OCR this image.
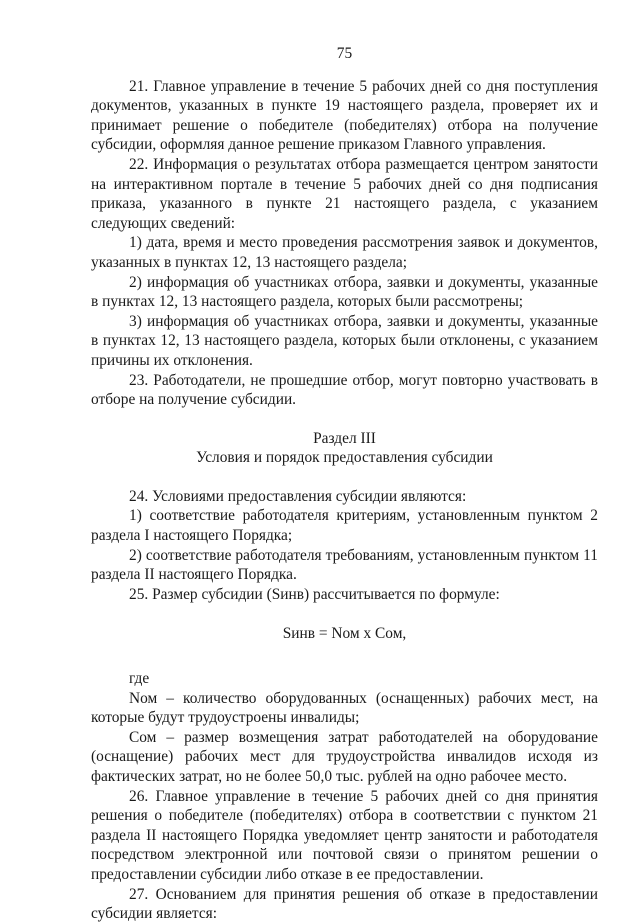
75

21. Главное управление в течение 5 рабочих дней со дня поступления документов, указанных в пункте 19 настоящего раздела, проверяет их и принимает решение о победителе (победителях) отбора на получение субсидии, оформляя данное решение приказом Главного управления.

22. Информация о результатах отбора размещается центром занятости на интерактивном портале в течение 5 рабочих дней со дня подписания приказа, указанного в пункте 21 настоящего раздела, с указанием следующих сведений:

1) дата, время и место проведения рассмотрения заявок и документов, указанных в пунктах 12, 13 настоящего раздела;

2) информация об участниках отбора, заявки и документы, указанные в пунктах 12, 13 настоящего раздела, которых были рассмотрены;

3) информация об участниках отбора, заявки и документы, указанные в пунктах 12, 13 настоящего раздела, которых были отклонены, с указанием причины их отклонения.

23. Работодатели, не прошедшие отбор, могут повторно участвовать в отборе на получение субсидии.

Раздел III

Условия и порядок предоставления субсидии

24. Условиями предоставления субсидии являются:

1) соответствие работодателя критериям, установленным пунктом 2 раздела I настоящего Порядка;

2) соответствие работодателя требованиям, установленным пунктом 11 раздела II настоящего Порядка.

25. Размер субсидии (Sинв) рассчитывается по формуле:

Sинв = Nом x Cом,

где

Nом – количество оборудованных (оснащенных) рабочих мест, на которые будут трудоустроены инвалиды;

Сом – размер возмещения затрат работодателей на оборудование (оснащение) рабочих мест для трудоустройства инвалидов исходя из фактических затрат, но не более 50,0 тыс. рублей на одно рабочее место.

26. Главное управление в течение 5 рабочих дней со дня принятия решения о победителе (победителях) отбора в соответствии с пунктом 21 раздела II настоящего Порядка уведомляет центр занятости и работодателя посредством электронной или почтовой связи о принятом решении о предоставлении субсидии либо отказе в ее предоставлении.

27. Основанием для принятия решения об отказе в предоставлении субсидии является:
